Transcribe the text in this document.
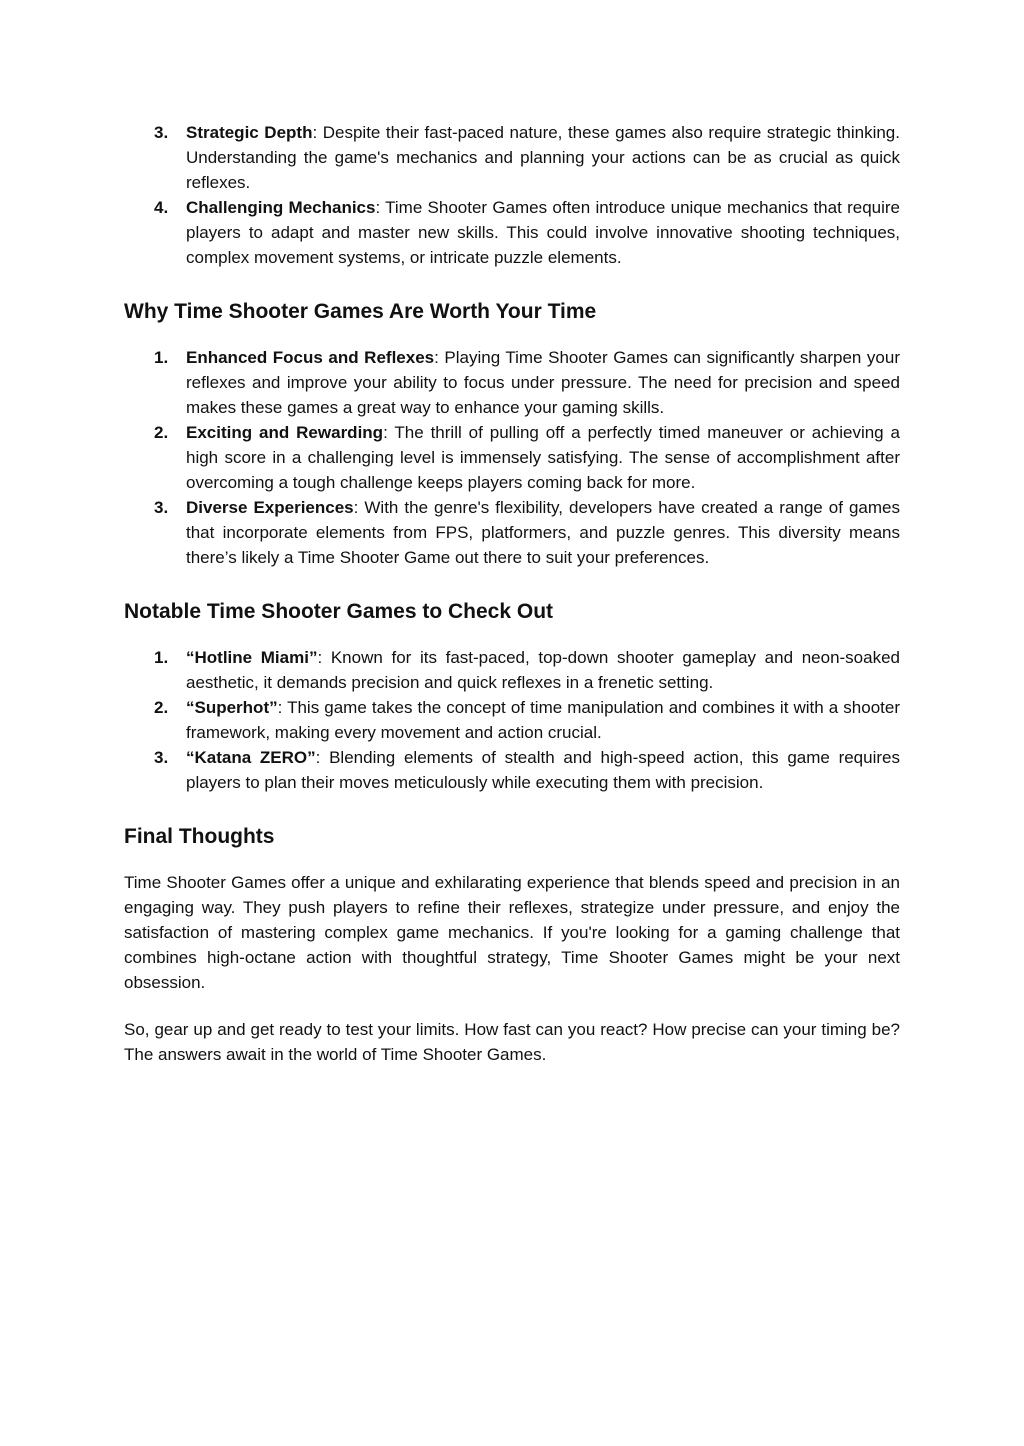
3. Strategic Depth: Despite their fast-paced nature, these games also require strategic thinking. Understanding the game's mechanics and planning your actions can be as crucial as quick reflexes.
4. Challenging Mechanics: Time Shooter Games often introduce unique mechanics that require players to adapt and master new skills. This could involve innovative shooting techniques, complex movement systems, or intricate puzzle elements.
Why Time Shooter Games Are Worth Your Time
1. Enhanced Focus and Reflexes: Playing Time Shooter Games can significantly sharpen your reflexes and improve your ability to focus under pressure. The need for precision and speed makes these games a great way to enhance your gaming skills.
2. Exciting and Rewarding: The thrill of pulling off a perfectly timed maneuver or achieving a high score in a challenging level is immensely satisfying. The sense of accomplishment after overcoming a tough challenge keeps players coming back for more.
3. Diverse Experiences: With the genre's flexibility, developers have created a range of games that incorporate elements from FPS, platformers, and puzzle genres. This diversity means there’s likely a Time Shooter Game out there to suit your preferences.
Notable Time Shooter Games to Check Out
1. “Hotline Miami”: Known for its fast-paced, top-down shooter gameplay and neon-soaked aesthetic, it demands precision and quick reflexes in a frenetic setting.
2. “Superhot”: This game takes the concept of time manipulation and combines it with a shooter framework, making every movement and action crucial.
3. “Katana ZERO”: Blending elements of stealth and high-speed action, this game requires players to plan their moves meticulously while executing them with precision.
Final Thoughts

Time Shooter Games offer a unique and exhilarating experience that blends speed and precision in an engaging way. They push players to refine their reflexes, strategize under pressure, and enjoy the satisfaction of mastering complex game mechanics. If you're looking for a gaming challenge that combines high-octane action with thoughtful strategy, Time Shooter Games might be your next obsession.

So, gear up and get ready to test your limits. How fast can you react? How precise can your timing be? The answers await in the world of Time Shooter Games.
